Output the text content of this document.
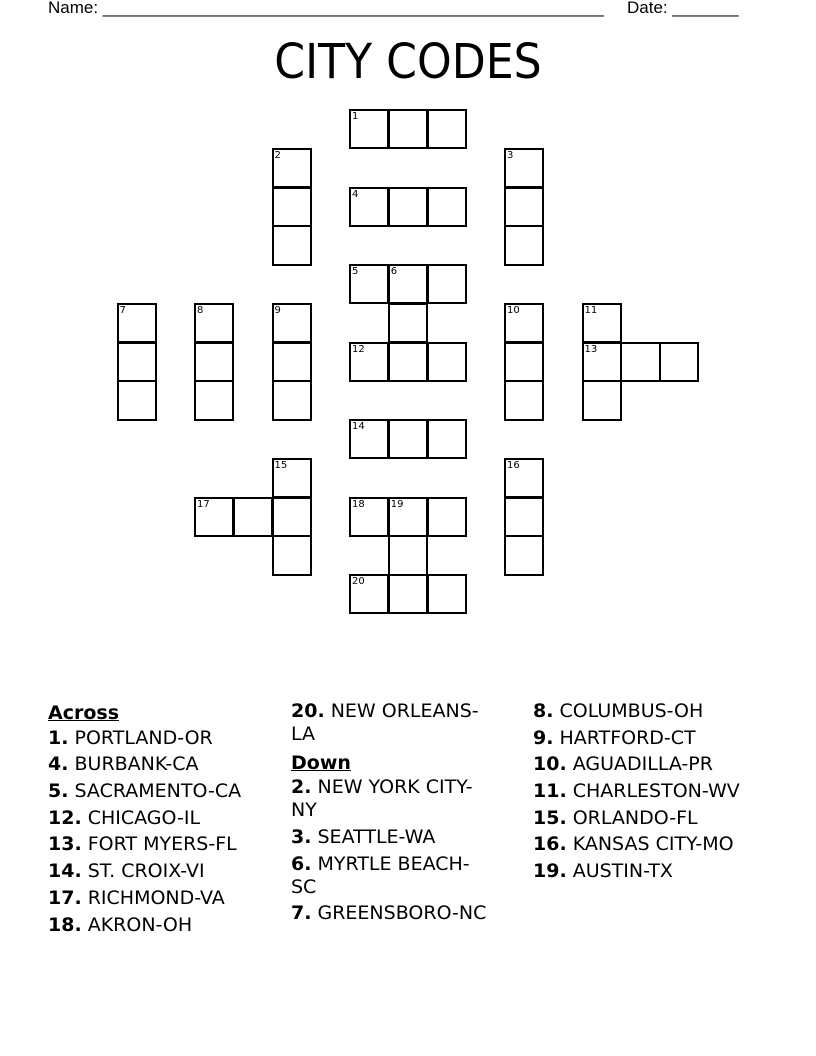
Name: _____________________________________________________ Date: _______
CITY CODES
1
2	3
4
5	6
7	8	9	10	11
13
12
14
15	16
17	18	19
20
Across
1. PORTLAND-OR
4. BURBANK-CA
5. SACRAMENTO-CA
12. CHICAGO-IL
13. FORT MYERS-FL
14. ST. CROIX-VI
17. RICHMOND-VA
18. AKRON-OH
20. NEW ORLEANS-LA
Down
2. NEW YORK CITY-NY
3. SEATTLE-WA
6. MYRTLE BEACH-SC
7. GREENSBORO-NC
8. COLUMBUS-OH
9. HARTFORD-CT
10. AGUADILLA-PR
11. CHARLESTON-WV
15. ORLANDO-FL
16. KANSAS CITY-MO
19. AUSTIN-TX
